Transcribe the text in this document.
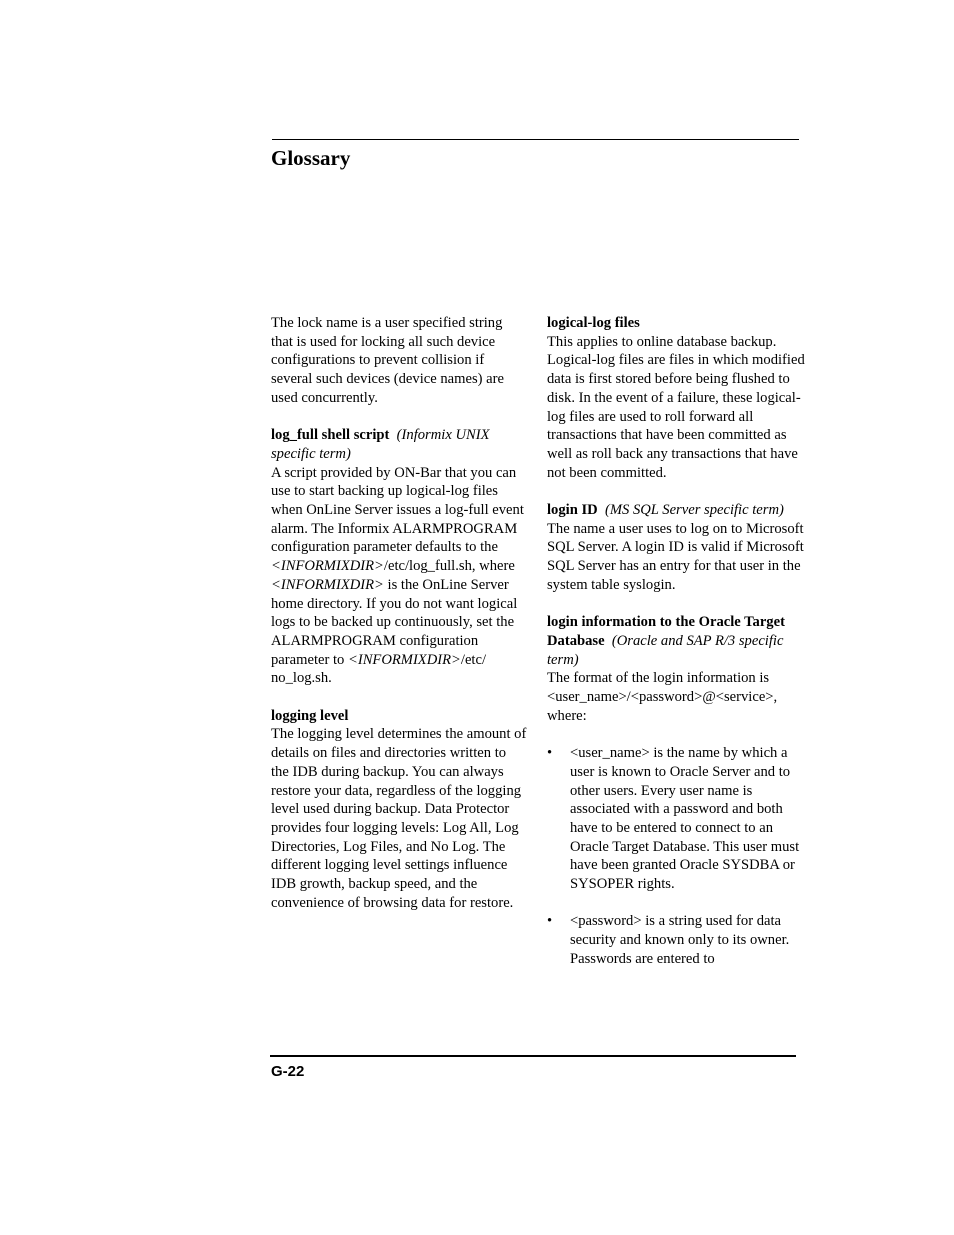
Glossary

The lock name is a user specified string that is used for locking all such device configurations to prevent collision if several such devices (device names) are used concurrently.

log_full shell script (Informix UNIX specific term)

A script provided by ON-Bar that you can use to start backing up logical-log files when OnLine Server issues a log-full event alarm. The Informix ALARMPROGRAM configuration parameter defaults to the <INFORMIXDIR>/etc/log_full.sh, where <INFORMIXDIR> is the OnLine Server home directory. If you do not want logical logs to be backed up continuously, set the ALARMPROGRAM configuration parameter to <INFORMIXDIR>/etc/ no_log.sh.

logging level

The logging level determines the amount of details on files and directories written to the IDB during backup. You can always restore your data, regardless of the logging level used during backup. Data Protector provides four logging levels: Log All, Log Directories, Log Files, and No Log. The different logging level settings influence IDB growth, backup speed, and the convenience of browsing data for restore.

logical-log files

This applies to online database backup. Logical-log files are files in which modified data is first stored before being flushed to disk. In the event of a failure, these logical-log files are used to roll forward all transactions that have been committed as well as roll back any transactions that have not been committed.

login ID (MS SQL Server specific term)

The name a user uses to log on to Microsoft SQL Server. A login ID is valid if Microsoft SQL Server has an entry for that user in the system table syslogin.

login information to the Oracle Target Database (Oracle and SAP R/3 specific term)

The format of the login information is <user_name>/<password>@<service>, where:

• <user_name> is the name by which a user is known to Oracle Server and to other users. Every user name is associated with a password and both have to be entered to connect to an Oracle Target Database. This user must have been granted Oracle SYSDBA or SYSOPER rights.
• <password> is a string used for data security and known only to its owner. Passwords are entered to
G-22
